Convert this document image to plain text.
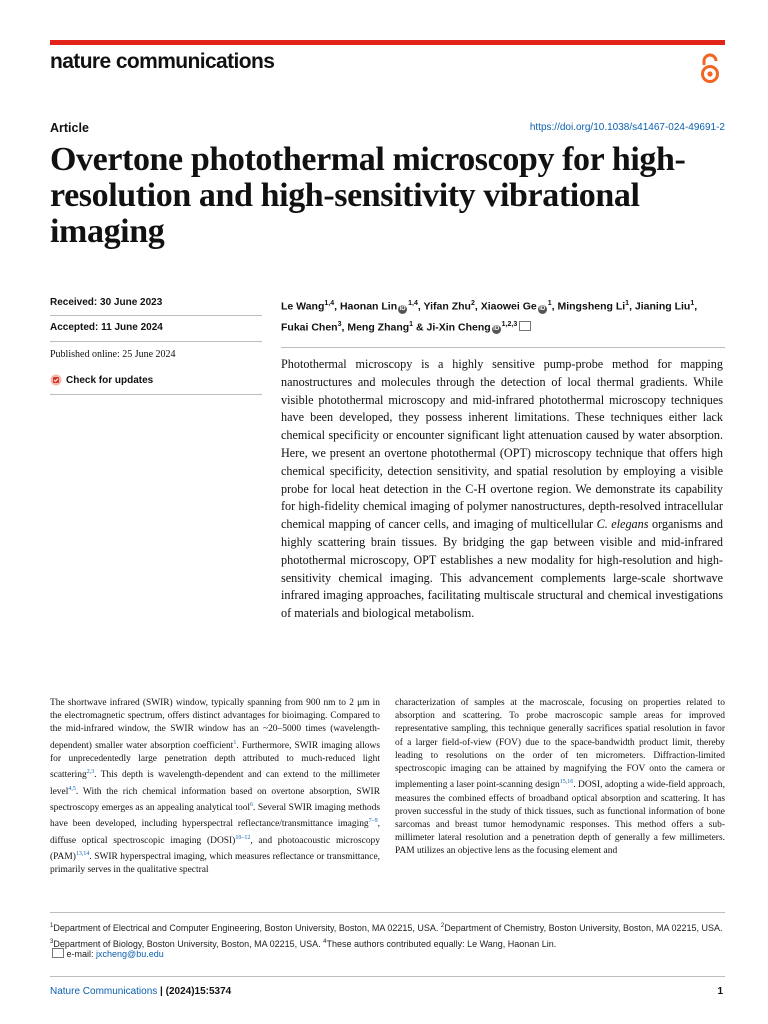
nature communications
Article	https://doi.org/10.1038/s41467-024-49691-2
Overtone photothermal microscopy for high-resolution and high-sensitivity vibrational imaging
Received: 30 June 2023
Accepted: 11 June 2024
Published online: 25 June 2024
Check for updates
Le Wang$^{1,4}$, Haonan Lin iD$^{1,4}$, Yifan Zhu$^2$, Xiaowei Ge $iD^1$, Mingsheng Li$^1$, Jianing Liu$^1$, Fukai Chen$^3$, Meng Zhang$^1$ & Ji-Xin Cheng iD$^{1,2,3}$

Photothermal microscopy is a highly sensitive pump-probe method for mapping nanostructures and molecules through the detection of local thermal gradients. While visible photothermal microscopy and mid-infrared photothermal microscopy techniques have been developed, they possess inherent limitations. These techniques either lack chemical specificity or encounter significant light attenuation caused by water absorption. Here, we present an overtone photothermal (OPT) microscopy technique that offers high chemical specificity, detection sensitivity, and spatial resolution by employing a visible probe for local heat detection in the C-H overtone region. We demonstrate its capability for high-fidelity chemical imaging of polymer nanostructures, depth-resolved intracellular chemical mapping of cancer cells, and imaging of multicellular C. elegans organisms and highly scattering brain tissues. By bridging the gap between visible and mid-infrared photothermal microscopy, OPT establishes a new modality for high-resolution and high-sensitivity chemical imaging. This advancement complements large-scale shortwave infrared imaging approaches, facilitating multiscale structural and chemical investigations of materials and biological metabolism.

The shortwave infrared (SWIR) window, typically spanning from 900 nm to 2 μm in the electromagnetic spectrum, offers distinct advantages for bioimaging. Compared to the mid-infrared window, the SWIR window has an ~20–5000 times (wavelength-dependent) smaller water absorption coefficient$^1$. Furthermore, SWIR imaging allows for unprecedentedly large penetration depth attributed to much-reduced light scattering$^{2,3}$. This depth is wavelength-dependent and can extend to the millimeter level$^{4,5}$. With the rich chemical information based on overtone absorption, SWIR spectroscopy emerges as an appealing analytical tool$^6$. Several SWIR imaging methods have been developed, including hyperspectral reflectance/transmittance imaging$^{7-9}$, diffuse optical spectroscopic imaging (DOSI)$^{10-12}$, and photoacoustic microscopy (PAM)$^{13,14}$. SWIR hyperspectral imaging, which measures reflectance or transmittance, primarily serves in the qualitative spectral

characterization of samples at the macroscale, focusing on properties related to absorption and scattering. To probe macroscopic sample areas for improved representative sampling, this technique generally sacrifices spatial resolution in favor of a larger field-of-view (FOV) due to the space-bandwidth product limit, thereby leading to resolutions on the order of ten micrometers. Diffraction-limited spectroscopic imaging can be attained by magnifying the FOV onto the camera or implementing a laser point-scanning design$^{15,16}$. DOSI, adopting a wide-field approach, measures the combined effects of broadband optical absorption and scattering. It has proven successful in the study of thick tissues, such as functional information of bone sarcomas and breast tumor hemodynamic responses. This method offers a sub-millimeter lateral resolution and a penetration depth of generally a few millimeters. PAM utilizes an objective lens as the focusing element and

$^1$Department of Electrical and Computer Engineering, Boston University, Boston, MA 02215, USA. $^2$Department of Chemistry, Boston University, Boston, MA 02215, USA. $^3$Department of Biology, Boston University, Boston, MA 02215, USA. $^4$These authors contributed equally: Le Wang, Haonan Lin.

e-mail: jxcheng@bu.edu
Nature Communications | (2024)15:5374	1
